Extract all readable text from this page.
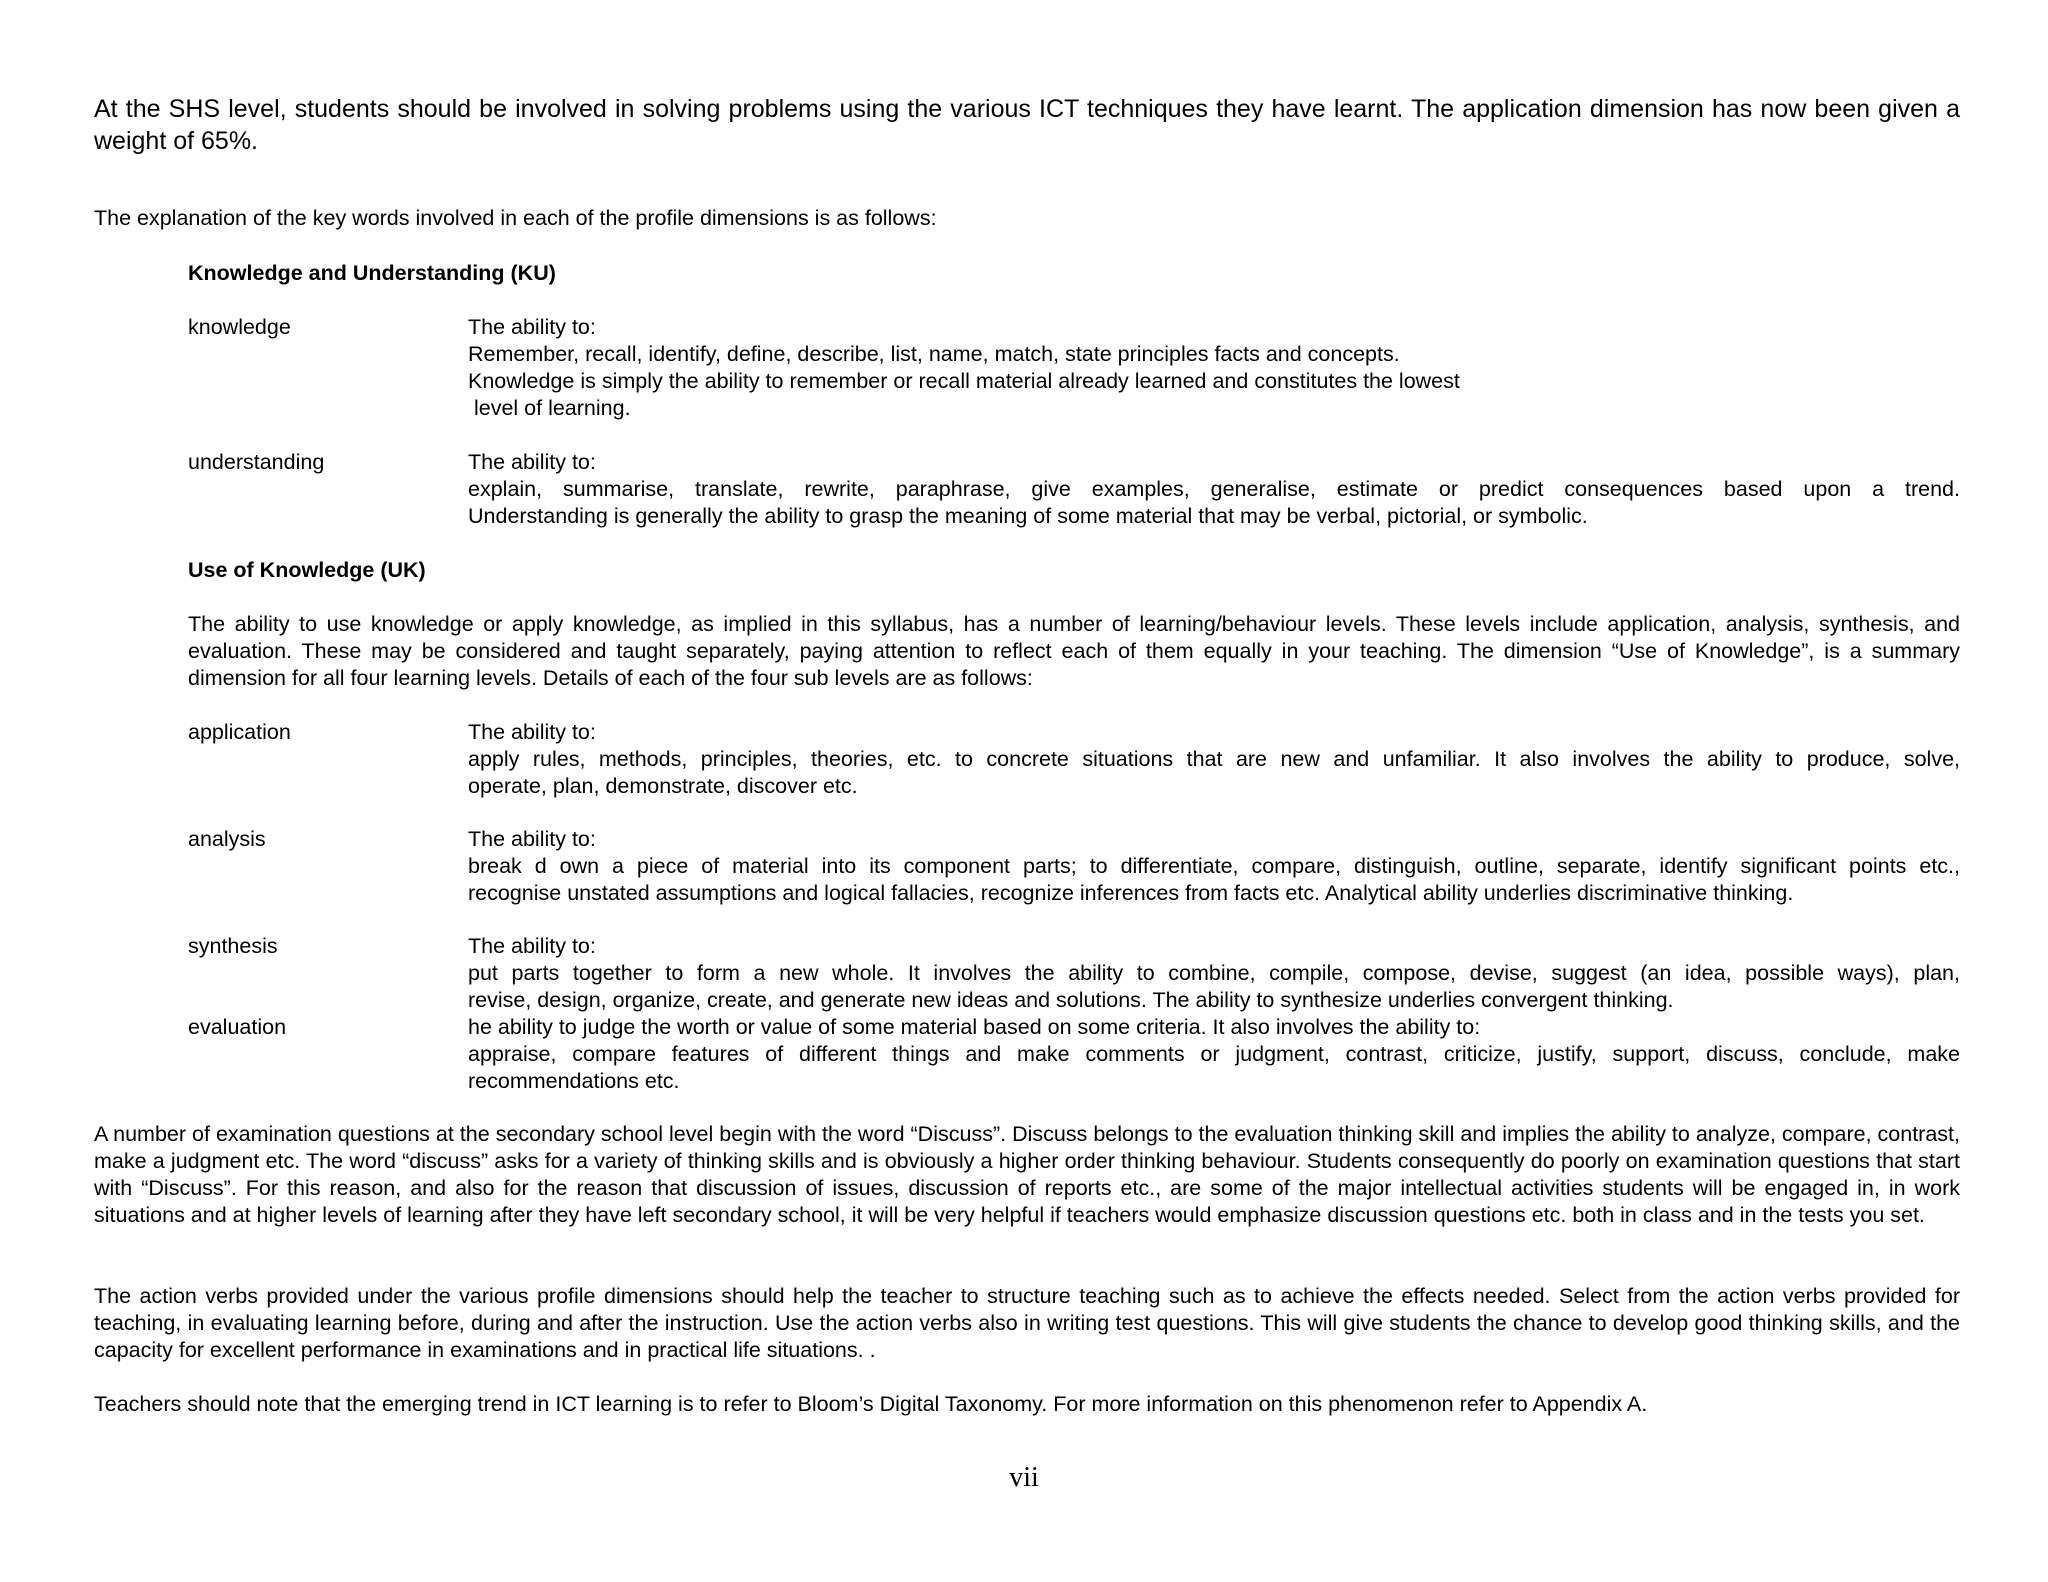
At the SHS level, students should be involved in solving problems using the various ICT techniques they have learnt. The application dimension has now been given a weight of 65%.

The explanation of the key words involved in each of the profile dimensions is as follows:

Knowledge and Understanding (KU)

knowledge	The ability to:
Remember, recall, identify, define, describe, list, name, match, state principles facts and concepts.
Knowledge is simply the ability to remember or recall material already learned and constitutes the lowest
level of learning.

understanding	The ability to:
explain, summarise, translate, rewrite, paraphrase, give examples, generalise, estimate or predict consequences based upon a trend.
Understanding is generally the ability to grasp the meaning of some material that may be verbal, pictorial, or symbolic.

Use of Knowledge (UK)

The ability to use knowledge or apply knowledge, as implied in this syllabus, has a number of learning/behaviour levels. These levels include application, analysis, synthesis, and evaluation. These may be considered and taught separately, paying attention to reflect each of them equally in your teaching. The dimension “Use of Knowledge”, is a summary dimension for all four learning levels. Details of each of the four sub levels are as follows:

application	The ability to:
apply rules, methods, principles, theories, etc. to concrete situations that are new and unfamiliar. It also involves the ability to produce, solve,
operate, plan, demonstrate, discover etc.

analysis	The ability to:
break d own a piece of material into its component parts; to differentiate, compare, distinguish, outline, separate, identify significant points etc.,
recognise unstated assumptions and logical fallacies, recognize inferences from facts etc. Analytical ability underlies discriminative thinking.

synthesis	The ability to:
put parts together to form a new whole. It involves the ability to combine, compile, compose, devise, suggest (an idea, possible ways), plan,
revise, design, organize, create, and generate new ideas and solutions. The ability to synthesize underlies convergent thinking.

evaluation	he ability to judge the worth or value of some material based on some criteria. It also involves the ability to:
appraise, compare features of different things and make comments or judgment, contrast, criticize, justify, support, discuss, conclude, make
recommendations etc.

A number of examination questions at the secondary school level begin with the word “Discuss”. Discuss belongs to the evaluation thinking skill and implies the ability to analyze, compare, contrast, make a judgment etc. The word “discuss” asks for a variety of thinking skills and is obviously a higher order thinking behaviour. Students consequently do poorly on examination questions that start with “Discuss”. For this reason, and also for the reason that discussion of issues, discussion of reports etc., are some of the major intellectual activities students will be engaged in, in work situations and at higher levels of learning after they have left secondary school, it will be very helpful if teachers would emphasize discussion questions etc. both in class and in the tests you set.

The action verbs provided under the various profile dimensions should help the teacher to structure teaching such as to achieve the effects needed. Select from the action verbs provided for teaching, in evaluating learning before, during and after the instruction. Use the action verbs also in writing test questions. This will give students the chance to develop good thinking skills, and the capacity for excellent performance in examinations and in practical life situations. .

Teachers should note that the emerging trend in ICT learning is to refer to Bloom’s Digital Taxonomy. For more information on this phenomenon refer to Appendix A.

vii
